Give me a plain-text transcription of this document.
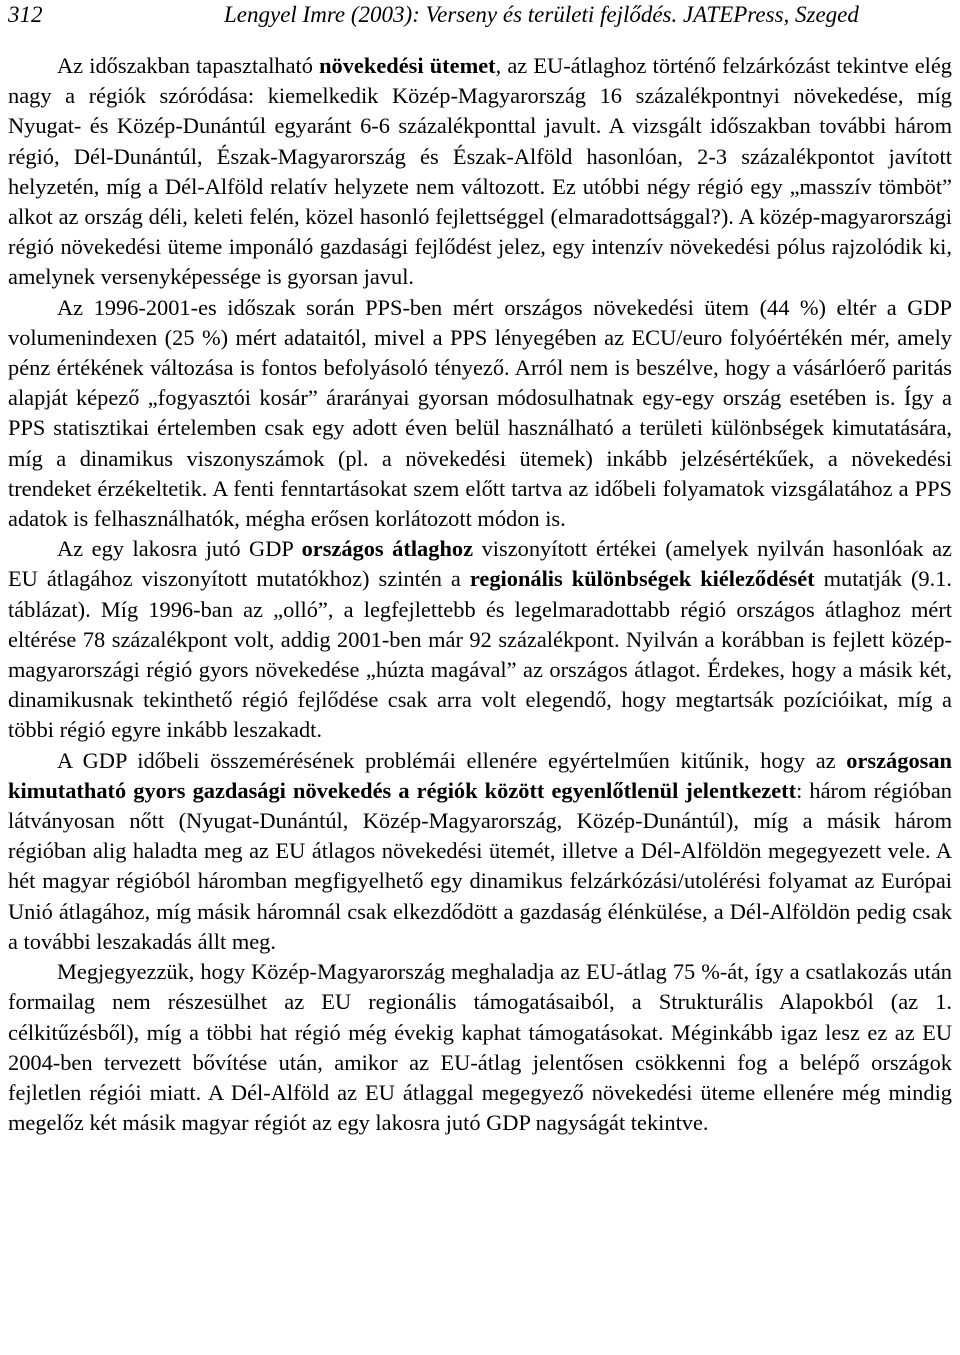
312	Lengyel Imre (2003): Verseny és területi fejlődés. JATEPress, Szeged

Az időszakban tapasztalható növekedési ütemet, az EU-átlaghoz történő felzárkózást tekintve elég nagy a régiók szóródása: kiemelkedik Közép-Magyarország 16 százalékpontnyi növekedése, míg Nyugat- és Közép-Dunántúl egyaránt 6-6 százalékponttal javult. A vizsgált időszakban további három régió, Dél-Dunántúl, Észak-Magyarország és Észak-Alföld hasonlóan, 2-3 százalékpontot javított helyzetén, míg a Dél-Alföld relatív helyzete nem változott. Ez utóbbi négy régió egy „masszív tömböt” alkot az ország déli, keleti felén, közel hasonló fejlettséggel (elmaradottsággal?). A közép-magyarországi régió növekedési üteme imponáló gazdasági fejlődést jelez, egy intenzív növekedési pólus rajzolódik ki, amelynek versenyképessége is gyorsan javul.

Az 1996-2001-es időszak során PPS-ben mért országos növekedési ütem (44 %) eltér a GDP volumenindexen (25 %) mért adataitól, mivel a PPS lényegében az ECU/euro folyóértékén mér, amely pénz értékének változása is fontos befolyásoló tényező. Arról nem is beszélve, hogy a vásárlóerő paritás alapját képező „fogyasztói kosár” árarányai gyorsan módosulhatnak egy-egy ország esetében is. Így a PPS statisztikai értelemben csak egy adott éven belül használható a területi különbségek kimutatására, míg a dinamikus viszonyszámok (pl. a növekedési ütemek) inkább jelzésértékűek, a növekedési trendeket érzékeltetik. A fenti fenntartásokat szem előtt tartva az időbeli folyamatok vizsgálatához a PPS adatok is felhasználhatók, mégha erősen korlátozott módon is.

Az egy lakosra jutó GDP országos átlaghoz viszonyított értékei (amelyek nyilván hasonlóak az EU átlagához viszonyított mutatókhoz) szintén a regionális különbségek kiéleződését mutatják (9.1. táblázat). Míg 1996-ban az „olló”, a legfejlettebb és legelmaradottabb régió országos átlaghoz mért eltérése 78 százalékpont volt, addig 2001-ben már 92 százalékpont. Nyilván a korábban is fejlett közép-magyarországi régió gyors növekedése „húzta magával” az országos átlagot. Érdekes, hogy a másik két, dinamikusnak tekinthető régió fejlődése csak arra volt elegendő, hogy megtartsák pozícióikat, míg a többi régió egyre inkább leszakadt.

A GDP időbeli összemérésének problémái ellenére egyértelműen kitűnik, hogy az országosan kimutatható gyors gazdasági növekedés a régiók között egyenlőtlenül jelentkezett: három régióban látványosan nőtt (Nyugat-Dunántúl, Közép-Magyarország, Közép-Dunántúl), míg a másik három régióban alig haladta meg az EU átlagos növekedési ütemét, illetve a Dél-Alföldön megegyezett vele. A hét magyar régióból háromban megfigyelhető egy dinamikus felzárkózási/utolérési folyamat az Európai Unió átlagához, míg másik háromnál csak elkezdődött a gazdaság élénkülése, a Dél-Alföldön pedig csak a további leszakadás állt meg.

Megjegyezzük, hogy Közép-Magyarország meghaladja az EU-átlag 75 %-át, így a csatlakozás után formailag nem részesülhet az EU regionális támogatásaiból, a Strukturális Alapokból (az 1. célkitűzésből), míg a többi hat régió még évekig kaphat támogatásokat. Méginkább igaz lesz ez az EU 2004-ben tervezett bővítése után, amikor az EU-átlag jelentősen csökkenni fog a belépő országok fejletlen régiói miatt. A Dél-Alföld az EU átlaggal megegyező növekedési üteme ellenére még mindig megelőz két másik magyar régiót az egy lakosra jutó GDP nagyságát tekintve.
